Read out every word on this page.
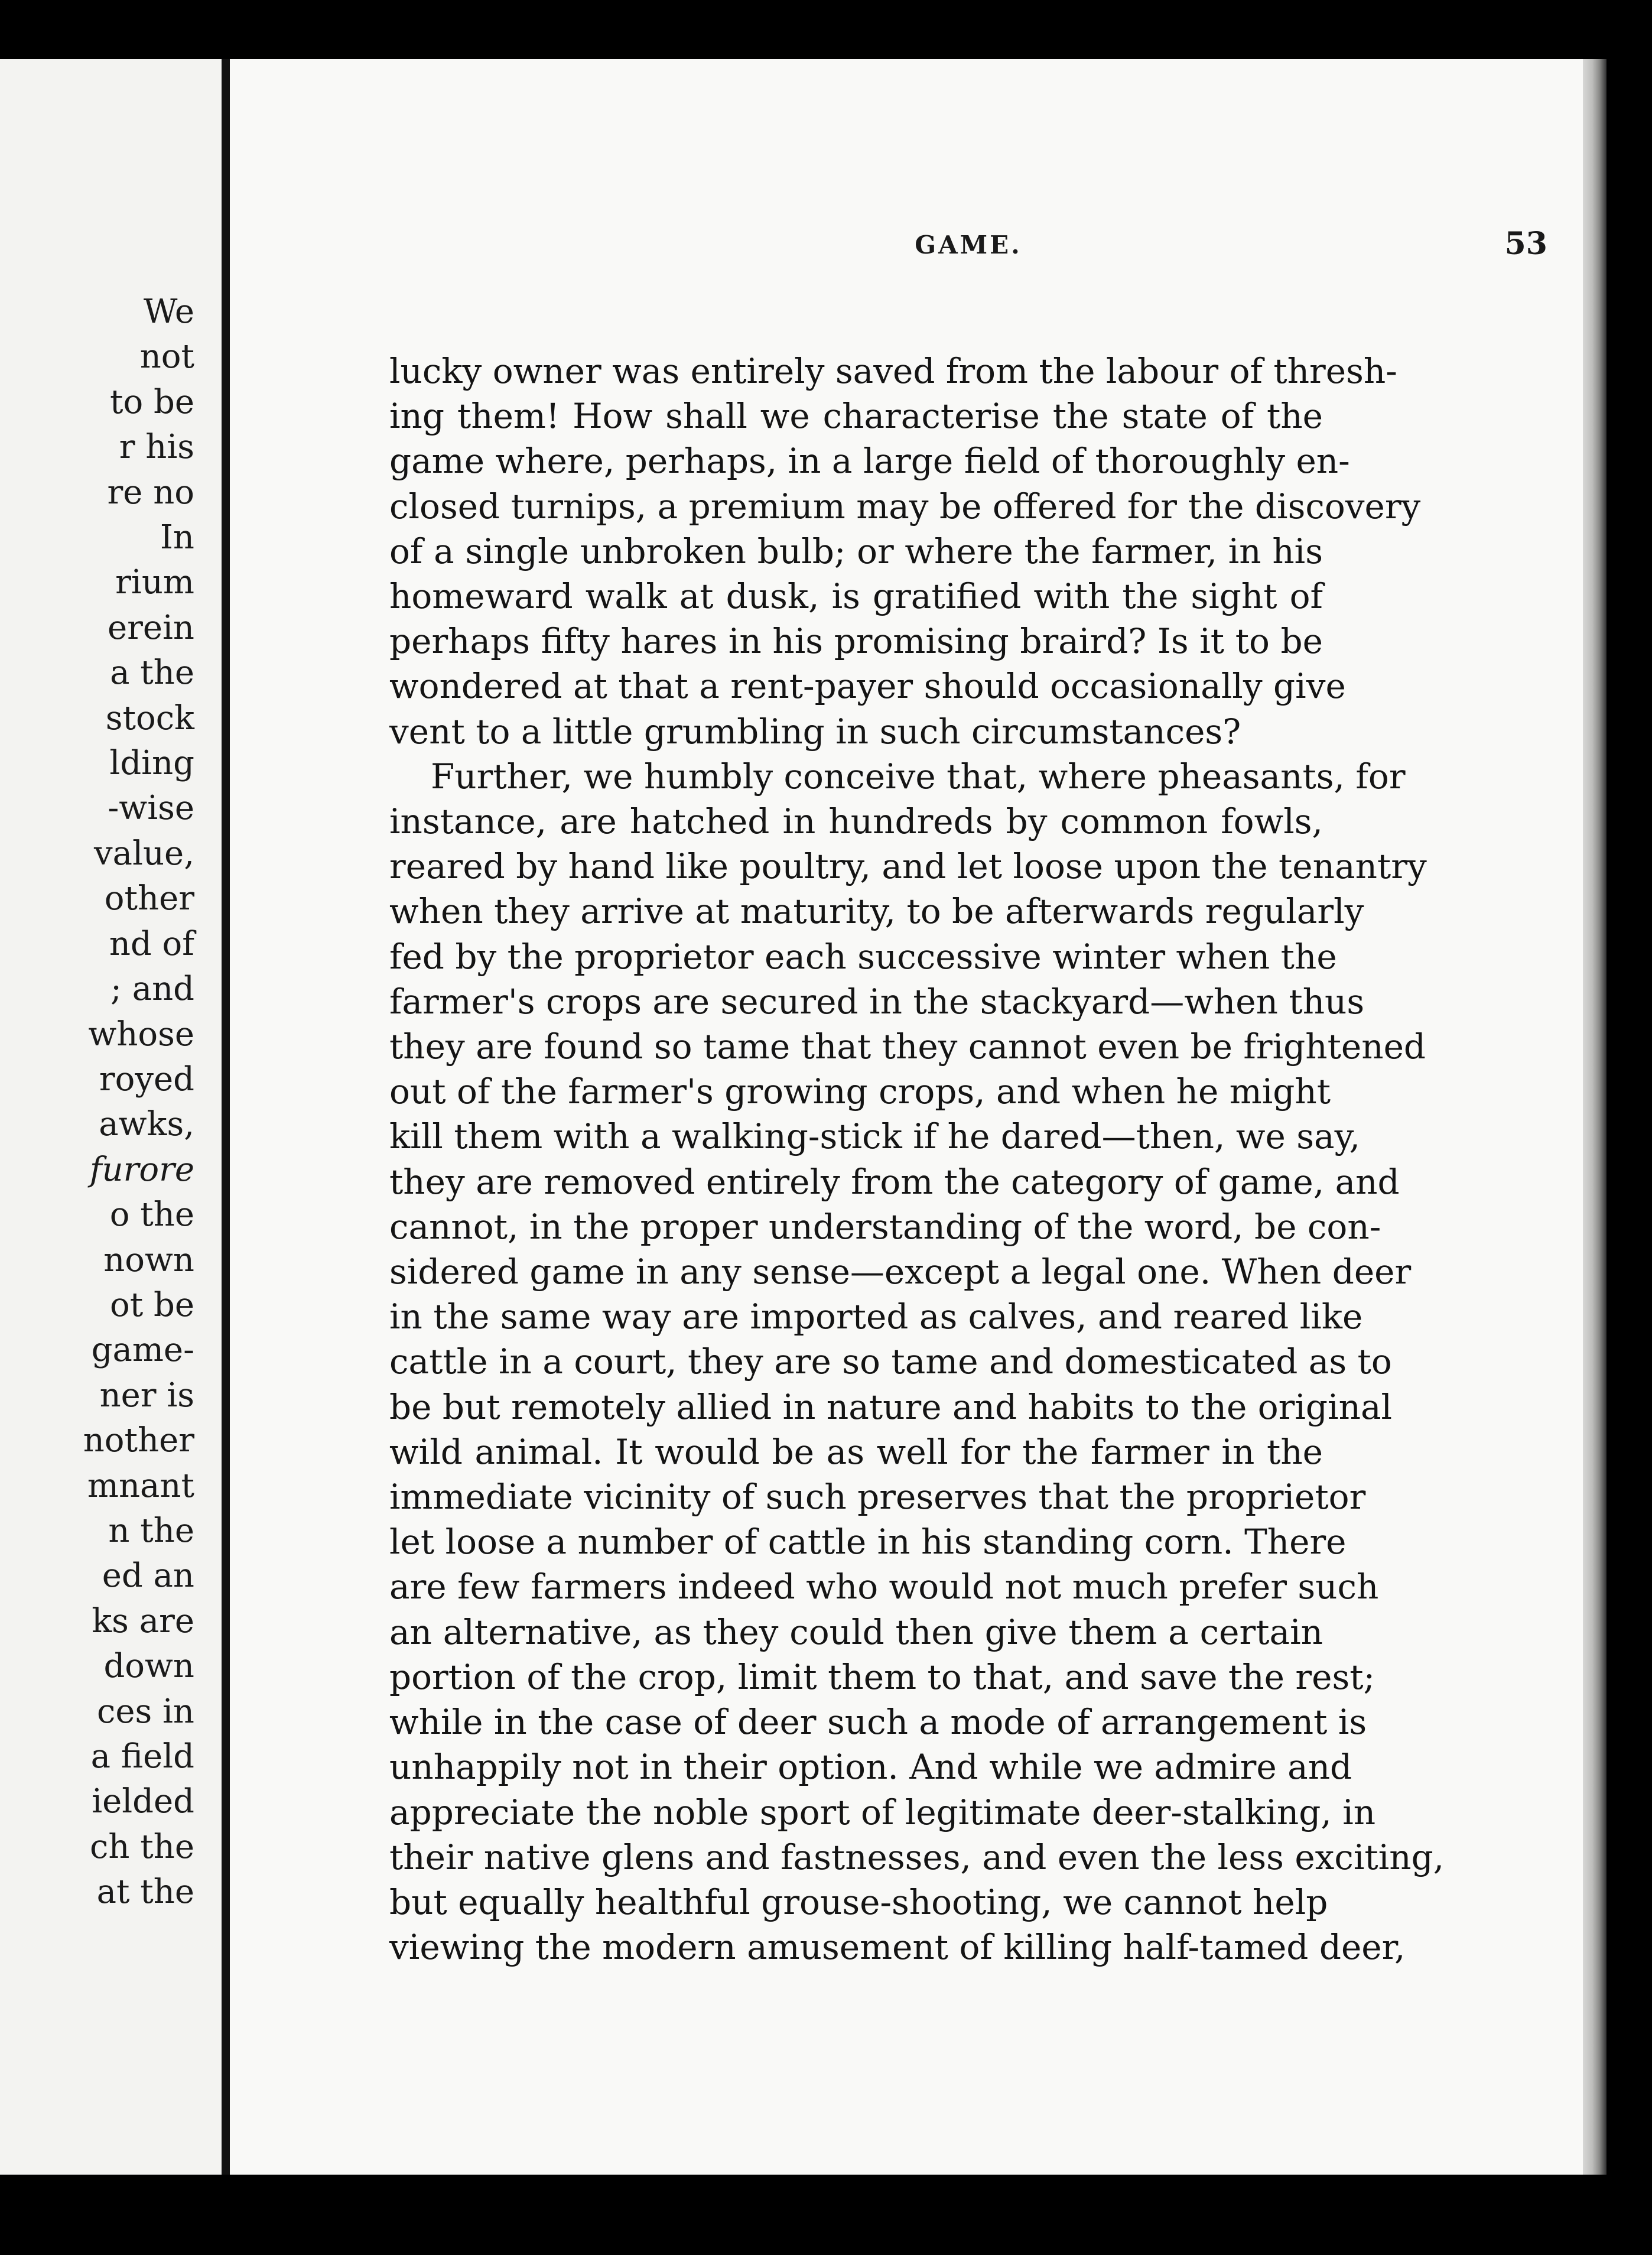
We
not
to be
r his
re no
In
rium
erein
a the
stock
lding
-wise
value,
other
nd of
; and
whose
royed
awks,
furore
o the
nown
ot be
game-
ner is
nother
mnant
n the
ed an
ks are
down
ces in
a field
ielded
ch the
at the
GAME.	53
lucky owner was entirely saved from the labour of thresh-
ing them! How shall we characterise the state of the
game where, perhaps, in a large field of thoroughly en-
closed turnips, a premium may be offered for the discovery
of a single unbroken bulb; or where the farmer, in his
homeward walk at dusk, is gratified with the sight of
perhaps fifty hares in his promising braird? Is it to be
wondered at that a rent-payer should occasionally give
vent to a little grumbling in such circumstances?
Further, we humbly conceive that, where pheasants, for
instance, are hatched in hundreds by common fowls,
reared by hand like poultry, and let loose upon the tenantry
when they arrive at maturity, to be afterwards regularly
fed by the proprietor each successive winter when the
farmer's crops are secured in the stackyard—when thus
they are found so tame that they cannot even be frightened
out of the farmer's growing crops, and when he might
kill them with a walking-stick if he dared—then, we say,
they are removed entirely from the category of game, and
cannot, in the proper understanding of the word, be con-
sidered game in any sense—except a legal one. When deer
in the same way are imported as calves, and reared like
cattle in a court, they are so tame and domesticated as to
be but remotely allied in nature and habits to the original
wild animal. It would be as well for the farmer in the
immediate vicinity of such preserves that the proprietor
let loose a number of cattle in his standing corn. There
are few farmers indeed who would not much prefer such
an alternative, as they could then give them a certain
portion of the crop, limit them to that, and save the rest;
while in the case of deer such a mode of arrangement is
unhappily not in their option. And while we admire and
appreciate the noble sport of legitimate deer-stalking, in
their native glens and fastnesses, and even the less exciting,
but equally healthful grouse-shooting, we cannot help
viewing the modern amusement of killing half-tamed deer,
